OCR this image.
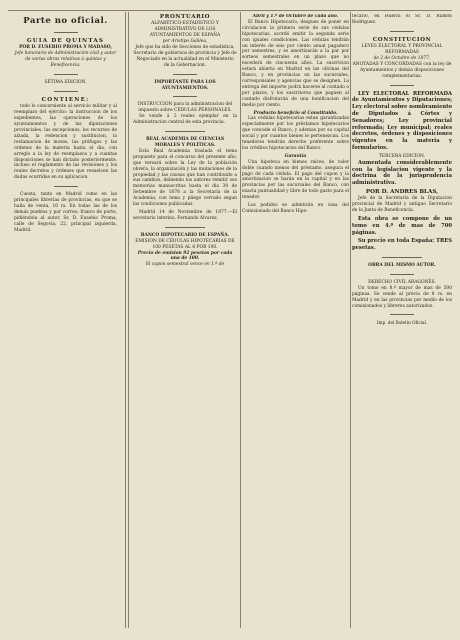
Parte no oficial.
GUIA DE QUINTAS
POR D. EUSEBIO PROMA Y MADASO,
Jefe honorario de Administración civil y autor de varias obras relativas á quintas y Beneficencia.
SÉTIMA EDICION.
CONTIENE:

todo lo concerniente al servicio militar y al reemplazo del ejército: la instruccion de los expedientes, las operaciones de los ayuntamientos y de las diputaciones provinciales, las excepciones, los recursos de alzada, la redencion y sustitucion, la reclamacion de mozos, las prófugos y las ordenes de la materia hasta el dia, con arreglo a la ley de reemplazos y a cuantas disposiciones se han dictado posteriormente, incluso el reglamento de las revisiones y los reales decretos y órdenes que resuelven las dudas ocurridas en su aplicacion.

Cuesta, tanto en Madrid como en las principales librerías de provincias, en que se halla de venta, 10 rs. En todas las de los demás pueblos y por correo, franco de porte, pidiéndola al autor, Sr. D. Eusebio Proma, calle de Segovia, 22, principal izquierda, Madrid.

PRONTUARIO
ALFABÉTICO-ESTADÍSTICO Y ADMINISTRATIVO DE LOS AYUNTAMIENTOS DE ESPAÑA
por Aristipo Galilea,

Jefe que ha sido de Secciones de estadística, Secretario de gobiernos de provincia y Jefe de Negociado en la actualidad en el Ministerio de la Gobernacion.

IMPORTANTE PARA LOS AYUNTAMIENTOS.
INSTRUCCION para la administracion del impuesto sobre CÉDULAS PERSONALES.

Se vende á 2 reales ejemplar en la Administracion central de esta provincia.

REAL ACADEMIA DE CIENCIAS MORALES Y POLÍTICAS.

Esta Real Academia traslada el tema propuesto para el concurso del presente año, que versará sobre la Ley de la población obrera, la organización y las mutaciones de la propiedad y las causas que han contribuido a sus cambios, debiendo los autores remitir sus memorias manuscritas hasta el dia 30 de Setiembre de 1878 a la Secretaría de la Academia, con lema y pliego cerrado segun las condiciones publicadas.

Madrid 14 de Noviembre de 1877.—El secretario interino, Fernando Alvarez.

BANCO HIPOTECARIO DE ESPAÑA.
EMISION DE CÉDULAS HIPOTECARIAS DE 100 PESETAS AL 6 POR 100.
Precio de emision 92 pesetas por cada una de 100.
El cupon semestral vence en 1.º de
Abril y 1.º de Octubre de cada año.

El Banco Hipotecario, despues de poner en circulacion la primera serie de sus cédulas hipotecarias, acordó emitir la segunda serie con iguales condiciones. Las cédulas tendrán un interés de seis por ciento anual pagadero por semestres, y se amortizarán a la par por sorteos semestrales en un plazo que no excederá de cincuenta años. La suscricion estará abierta en Madrid en las oficinas del Banco, y en provincias en las sucursales, corresponsales y agencias que se designen. La entrega del importe podrá hacerse al contado o por plazos, y los suscritores que paguen al contado disfrutarán de una bonificacion del medio por ciento.

Producto beneficio al Constituido.

Las cédulas hipotecarias estan garantizadas especialmente por los préstamos hipotecarios que concede el Banco, y ademas por su capital social y por cuantos bienes le pertenezcan. Los tenedores tendrán derecho preferente sobre los créditos hipotecarios del Banco.

Garantía

Una hipoteca en bienes raíces, de valor doble cuando menos del préstamo, asegura el pago de cada cédula. El pago del cupon y la amortizacion se harán en la capital y en las provincias por las sucursales del Banco, con exacta puntualidad y libre de todo gasto para el tenedor.

Los pedidos se admitirán en casa del Comisionado del Banco Hipo-

tecario, en Huelva el Sr. D. Ramon Rodriguez.

CONSTITUCION
LEYES ELECTORAL Y PROVINCIAL REFORMADAS
de 2 de Octubre de 1877,
ANOTADAS Y CONCORDADAS con la ley de Ayuntamientos y demás disposiciones complementarias.

LEY ELECTORAL REFORMADA de Ayuntamientos y Diputaciones; Ley electoral sobre nombramiento de Diputados á Córtes y Senadores; Ley provincial reformada; Ley municipal; reales decretos, órdenes y disposiciones vigentes en la materia y formularios.

TERCERA EDICION.

Aumentada considerablemente con la legislacion vigente y la doctrina de la jurisprudencia administrativa.

POR D. ANDRES BLAS,

Jefe de la Secretaría de la Diputacion provincial de Madrid y antiguo Secretario de la Junta de Beneficencia.

Esta obra se compone de un tomo en 4.º de mas de 700 páginas.

Su precio en toda España: TRES pesetas.

OBRA DEL MISMO AUTOR.
DERECHO CIVIL ARAGONÉS.

Un tomo en 8.º mayor de mas de 500 páginas. Se vende al precio de 8 rs. en Madrid y en las provincias por medio de los comisionados y libreros autorizados.

Imp. del Boletín Oficial.
